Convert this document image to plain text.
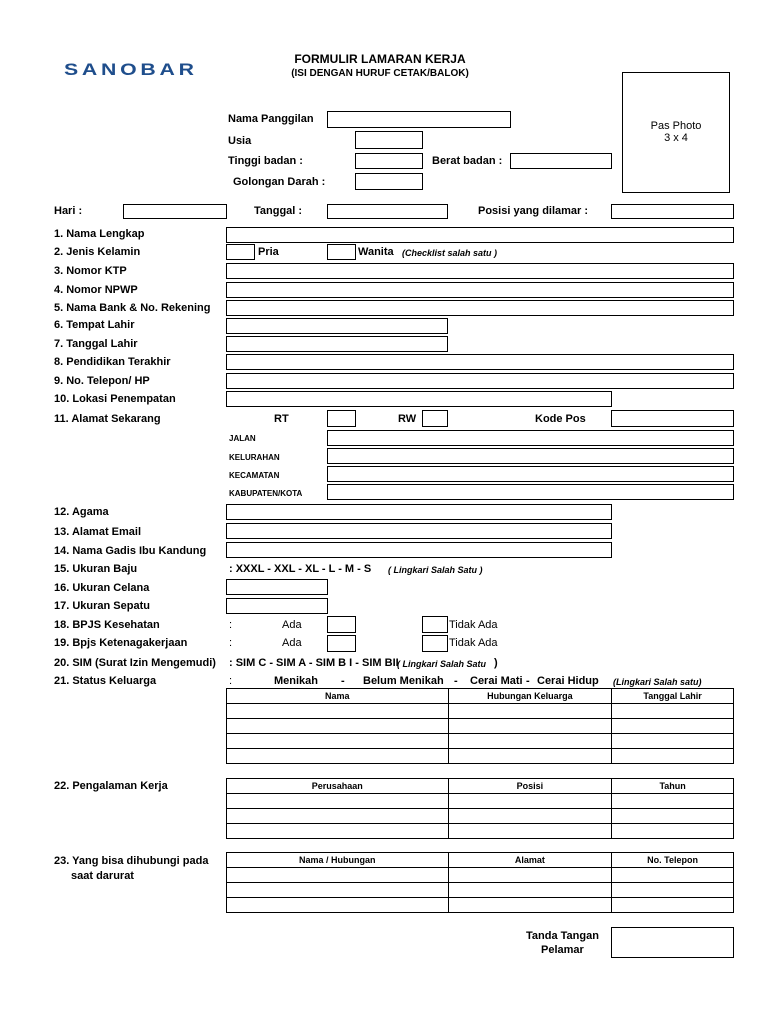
SANOBAR
FORMULIR LAMARAN KERJA
(ISI DENGAN HURUF CETAK/BALOK)
Pas Photo
3 x 4
Nama Panggilan
Usia
Tinggi badan :	Berat badan :
Golongan Darah :
Hari :	Tanggal :	Posisi yang dilamar :
1. Nama Lengkap
2. Jenis Kelamin	Pria	Wanita (Checklist salah satu )
3. Nomor KTP
4. Nomor NPWP
5. Nama Bank & No. Rekening
6. Tempat Lahir
7. Tanggal Lahir
8. Pendidikan Terakhir
9. No. Telepon/ HP
10. Lokasi Penempatan
11. Alamat Sekarang	RT	RW	Kode Pos
JALAN
KELURAHAN
KECAMATAN
KABUPATEN/KOTA
12. Agama
13. Alamat Email
14. Nama Gadis Ibu Kandung
15. Ukuran Baju	: XXXL - XXL - XL - L - M - S ( Lingkari Salah Satu )
16. Ukuran Celana
17. Ukuran Sepatu
18. BPJS Kesehatan	:	Ada	Tidak Ada
19. Bpjs Ketenagakerjaan	:	Ada	Tidak Ada
20. SIM (Surat Izin Mengemudi) : SIM C - SIM A - SIM B I - SIM BII
( Lingkari Salah Satu )
21. Status Keluarga	:	Menikah - Belum Menikah - Cerai Mati - Cerai Hidup (Lingkari Salah satu)
Nama	Hubungan Keluarga	Tanggal Lahir

22. Pengalaman Kerja	Perusahaan	Posisi	Tahun

23. Yang bisa dihubungi pada
saat darurat
Nama / Hubungan	Alamat	No. Telepon

Tanda Tangan
Pelamar
